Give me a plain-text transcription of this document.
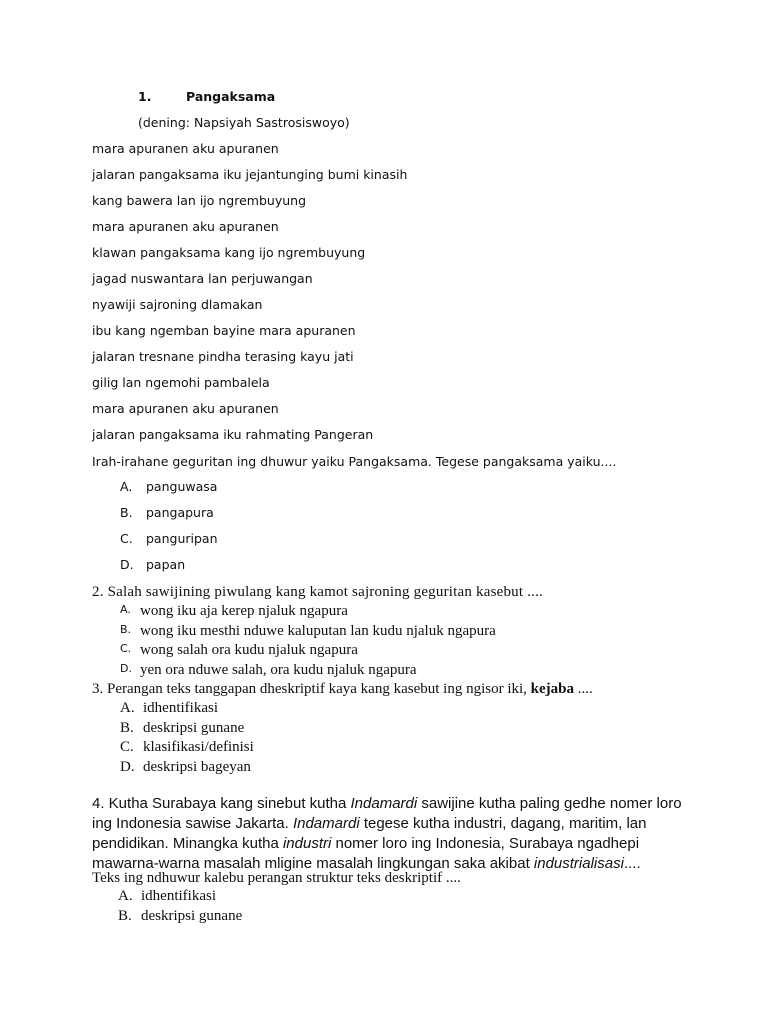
1.	Pangaksama
(dening: Napsiyah Sastrosiswoyo)
mara apuranen aku apuranen
jalaran pangaksama iku jejantunging bumi kinasih
kang bawera lan ijo ngrembuyung
mara apuranen aku apuranen
klawan pangaksama kang ijo ngrembuyung
jagad nuswantara lan perjuwangan
nyawiji sajroning dlamakan
ibu kang ngemban bayine mara apuranen
jalaran tresnane pindha terasing kayu jati
gilig lan ngemohi pambalela
mara apuranen aku apuranen
jalaran pangaksama iku rahmating Pangeran
Irah-irahane geguritan ing dhuwur yaiku Pangaksama. Tegese pangaksama yaiku....
A. panguwasa
B. pangapura
C. panguripan
D. papan
2. Salah sawijining piwulang kang kamot sajroning geguritan kasebut ....
A. wong iku aja kerep njaluk ngapura
B. wong iku mesthi nduwe kaluputan lan kudu njaluk ngapura
C. wong salah ora kudu njaluk ngapura
D. yen ora nduwe salah, ora kudu njaluk ngapura
3. Perangan teks tanggapan dheskriptif kaya kang kasebut ing ngisor iki, kejaba ....
A. idhentifikasi
B. deskripsi gunane
C. klasifikasi/definisi
D. deskripsi bageyan

4. Kutha Surabaya kang sinebut kutha Indamardi sawijine kutha paling gedhe nomer loro ing Indonesia sawise Jakarta. Indamardi tegese kutha industri, dagang, maritim, lan pendidikan. Minangka kutha industri nomer loro ing Indonesia, Surabaya ngadhepi mawarna-warna masalah mligine masalah lingkungan saka akibat industrialisasi....

Teks ing ndhuwur kalebu perangan struktur teks deskriptif ....
A. idhentifikasi
B. deskripsi gunane
